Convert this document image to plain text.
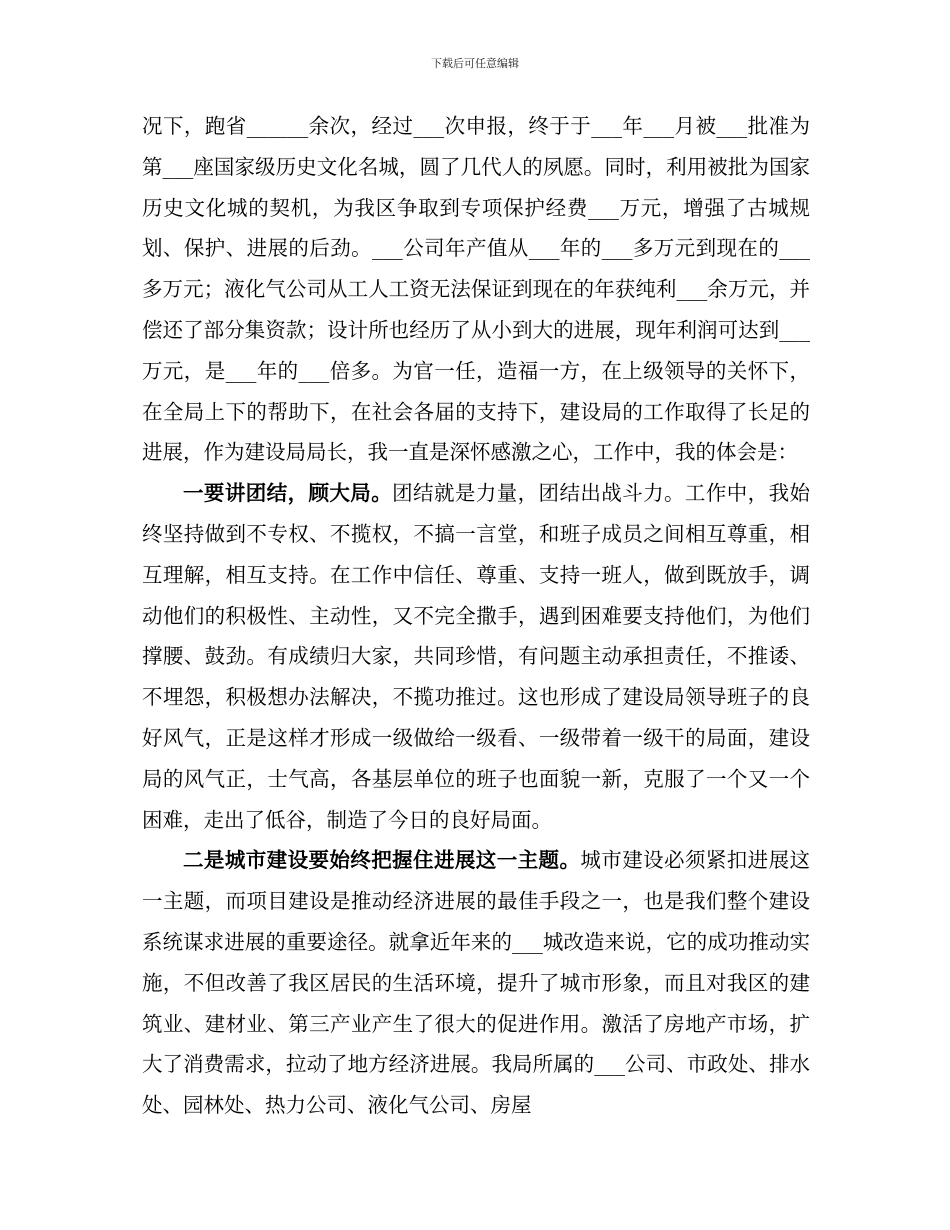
下载后可任意编辑

况下，跑省______余次，经过___次申报，终于于___年___月被___批准为第___座国家级历史文化名城，圆了几代人的夙愿。同时，利用被批为国家历史文化城的契机，为我区争取到专项保护经费___万元，增强了古城规划、保护、进展的后劲。___公司年产值从___年的___多万元到现在的___多万元；液化气公司从工人工资无法保证到现在的年获纯利___余万元，并偿还了部分集资款；设计所也经历了从小到大的进展，现年利润可达到___万元，是___年的___倍多。为官一任，造福一方，在上级领导的关怀下，在全局上下的帮助下，在社会各届的支持下，建设局的工作取得了长足的进展，作为建设局局长，我一直是深怀感激之心，工作中，我的体会是：

一要讲团结，顾大局。团结就是力量，团结出战斗力。工作中，我始终坚持做到不专权、不揽权，不搞一言堂，和班子成员之间相互尊重，相互理解，相互支持。在工作中信任、尊重、支持一班人，做到既放手，调动他们的积极性、主动性，又不完全撒手，遇到困难要支持他们，为他们撑腰、鼓劲。有成绩归大家，共同珍惜，有问题主动承担责任，不推诿、不埋怨，积极想办法解决，不揽功推过。这也形成了建设局领导班子的良好风气，正是这样才形成一级做给一级看、一级带着一级干的局面，建设局的风气正，士气高，各基层单位的班子也面貌一新，克服了一个又一个困难，走出了低谷，制造了今日的良好局面。

二是城市建设要始终把握住进展这一主题。城市建设必须紧扣进展这一主题，而项目建设是推动经济进展的最佳手段之一，也是我们整个建设系统谋求进展的重要途径。就拿近年来的___城改造来说，它的成功推动实施，不但改善了我区居民的生活环境，提升了城市形象，而且对我区的建筑业、建材业、第三产业产生了很大的促进作用。激活了房地产市场，扩大了消费需求，拉动了地方经济进展。我局所属的___公司、市政处、排水处、园林处、热力公司、液化气公司、房屋
